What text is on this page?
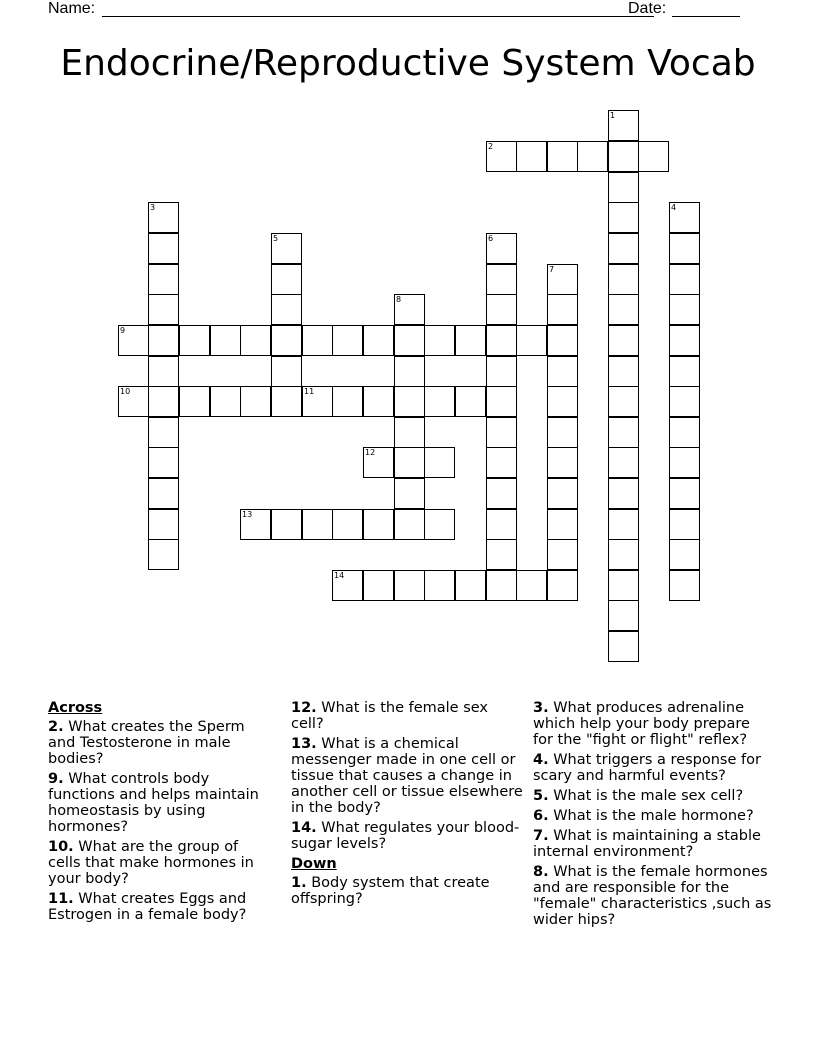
Name:	Date:
Endocrine/Reproductive System Vocab
1
2
3	4
5	6
7
8
9
10	11
12
13
14
Across
2. What creates the Sperm and Testosterone in male bodies?
9. What controls body functions and helps maintain homeostasis by using hormones?
10. What are the group of cells that make hormones in your body?
11. What creates Eggs and Estrogen in a female body?
12. What is the female sex cell?
13. What is a chemical messenger made in one cell or tissue that causes a change in another cell or tissue elsewhere in the body?
14. What regulates your blood-sugar levels?
Down
1. Body system that create offspring?
3. What produces adrenaline which help your body prepare for the "fight or flight" reflex?
4. What triggers a response for scary and harmful events?
5. What is the male sex cell?
6. What is the male hormone?
7. What is maintaining a stable internal environment?
8. What is the female hormones and are responsible for the "female" characteristics ,such as wider hips?
